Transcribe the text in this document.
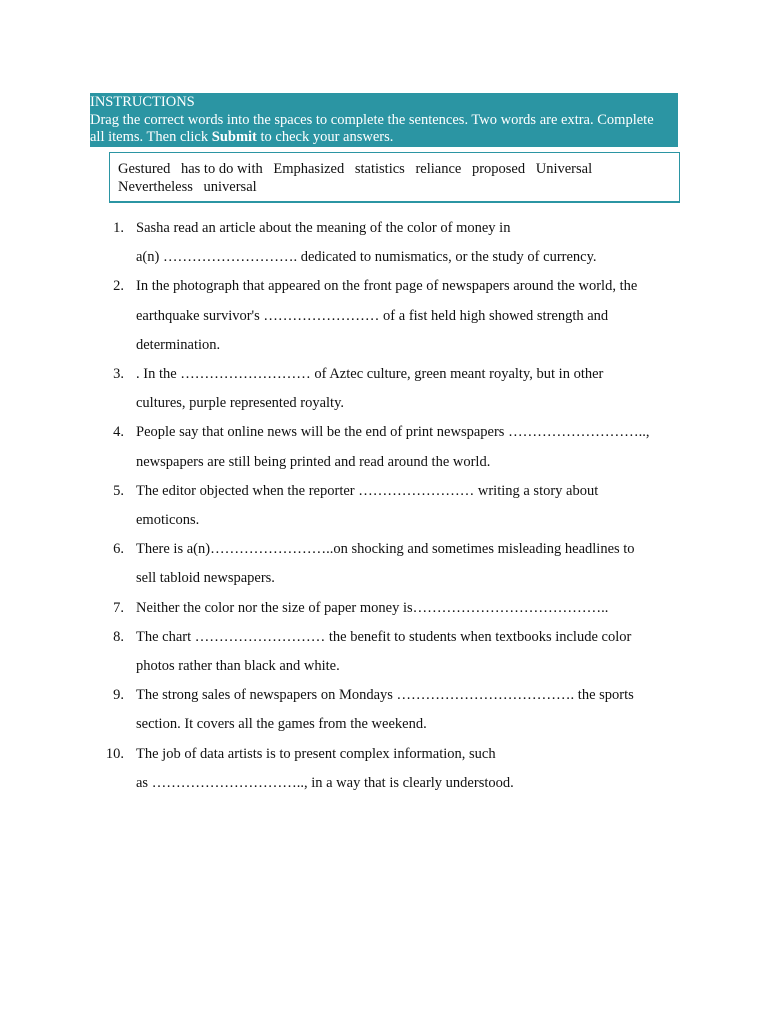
INSTRUCTIONS
Drag the correct words into the spaces to complete the sentences. Two words are extra. Complete
all items. Then click Submit to check your answers.
Gestured has to do with Emphasized statistics reliance proposed Universal
Nevertheless universal
1. Sasha read an article about the meaning of the color of money in
a(n) ………………………. dedicated to numismatics, or the study of currency.
2. In the photograph that appeared on the front page of newspapers around the world, the
earthquake survivor's …………………… of a fist held high showed strength and
determination.
3. . In the ……………………… of Aztec culture, green meant royalty, but in other
cultures, purple represented royalty.
4. People say that online news will be the end of print newspapers ………………………..,
newspapers are still being printed and read around the world.
5. The editor objected when the reporter …………………… writing a story about
emoticons.
6. There is a(n)……………………..on shocking and sometimes misleading headlines to
sell tabloid newspapers.
7. Neither the color nor the size of paper money is…………………………………..
8. The chart ……………………… the benefit to students when textbooks include color
photos rather than black and white.
9. The strong sales of newspapers on Mondays ………………………………. the sports
section. It covers all the games from the weekend.
10. The job of data artists is to present complex information, such
as ………………………….., in a way that is clearly understood.
